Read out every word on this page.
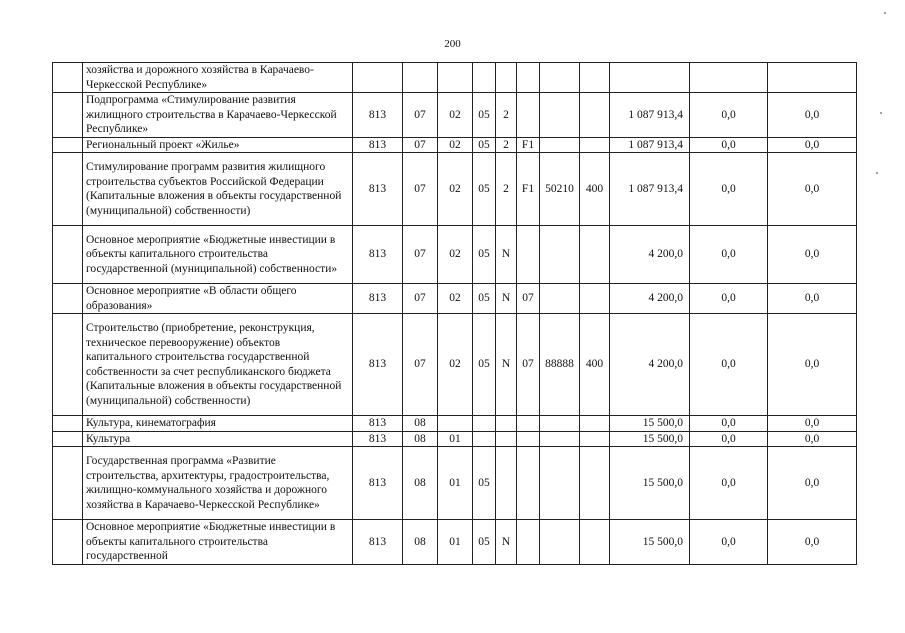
200
	хозяйства и дорожного хозяйства в Карачаево-Черкесской Республике»											
	Подпрограмма «Стимулирование развития жилищного строительства в Карачаево-Черкесской Республике»	813	07	02	05	2				1 087 913,4	0,0	0,0
	Региональный проект «Жилье»	813	07	02	05	2	F1			1 087 913,4	0,0	0,0
	Стимулирование программ развития жилищного строительства субъектов Российской Федерации (Капитальные вложения в объекты государственной (муниципальной) собственности)	813	07	02	05	2	F1	50210	400	1 087 913,4	0,0	0,0
	Основное мероприятие «Бюджетные инвестиции в объекты капитального строительства государственной (муниципальной) собственности»	813	07	02	05	N				4 200,0	0,0	0,0
	Основное мероприятие «В области общего образования»	813	07	02	05	N	07			4 200,0	0,0	0,0
	Строительство (приобретение, реконструкция, техническое перевооружение) объектов капитального строительства государственной собственности за счет республиканского бюджета (Капитальные вложения в объекты государственной (муниципальной) собственности)	813	07	02	05	N	07	88888	400	4 200,0	0,0	0,0
	Культура, кинематография	813	08							15 500,0	0,0	0,0
	Культура	813	08	01						15 500,0	0,0	0,0
	Государственная программа «Развитие строительства, архитектуры, градостроительства, жилищно-коммунального хозяйства и дорожного хозяйства в Карачаево-Черкесской Республике»	813	08	01	05					15 500,0	0,0	0,0
	Основное мероприятие «Бюджетные инвестиции в объекты капитального строительства государственной	813	08	01	05	N				15 500,0	0,0	0,0
